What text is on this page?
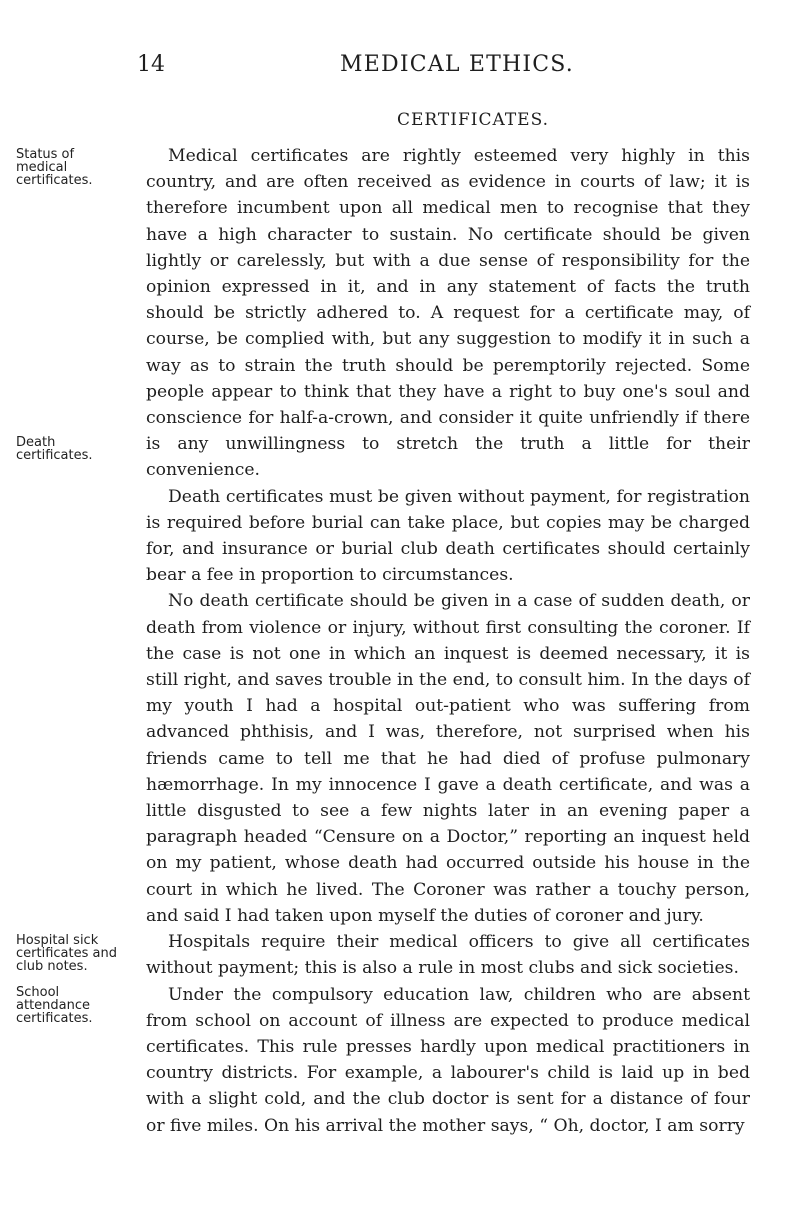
14	MEDICAL ETHICS.
CERTIFICATES.
Status of medical certificates.
Death certificates.
Hospital sick certificates and club notes.
School attendance certificates.

Medical certificates are rightly esteemed very highly in this country, and are often received as evidence in courts of law; it is therefore incumbent upon all medical men to recognise that they have a high character to sustain. No certificate should be given lightly or carelessly, but with a due sense of responsibility for the opinion expressed in it, and in any statement of facts the truth should be strictly adhered to. A request for a certificate may, of course, be complied with, but any suggestion to modify it in such a way as to strain the truth should be peremptorily rejected. Some people appear to think that they have a right to buy one's soul and conscience for half-a-crown, and consider it quite unfriendly if there is any unwillingness to stretch the truth a little for their convenience.

Death certificates must be given without payment, for registration is required before burial can take place, but copies may be charged for, and insurance or burial club death certificates should certainly bear a fee in proportion to circumstances.

No death certificate should be given in a case of sudden death, or death from violence or injury, without first consulting the coroner. If the case is not one in which an inquest is deemed necessary, it is still right, and saves trouble in the end, to consult him. In the days of my youth I had a hospital out-patient who was suffering from advanced phthisis, and I was, therefore, not surprised when his friends came to tell me that he had died of profuse pulmonary hæmorrhage. In my innocence I gave a death certificate, and was a little disgusted to see a few nights later in an evening paper a paragraph headed “Censure on a Doctor,” reporting an inquest held on my patient, whose death had occurred outside his house in the court in which he lived. The Coroner was rather a touchy person, and said I had taken upon myself the duties of coroner and jury.

Hospitals require their medical officers to give all certificates without payment; this is also a rule in most clubs and sick societies.

Under the compulsory education law, children who are absent from school on account of illness are expected to produce medical certificates. This rule presses hardly upon medical practitioners in country districts. For example, a labourer's child is laid up in bed with a slight cold, and the club doctor is sent for a distance of four or five miles. On his arrival the mother says, “ Oh, doctor, I am sorry
